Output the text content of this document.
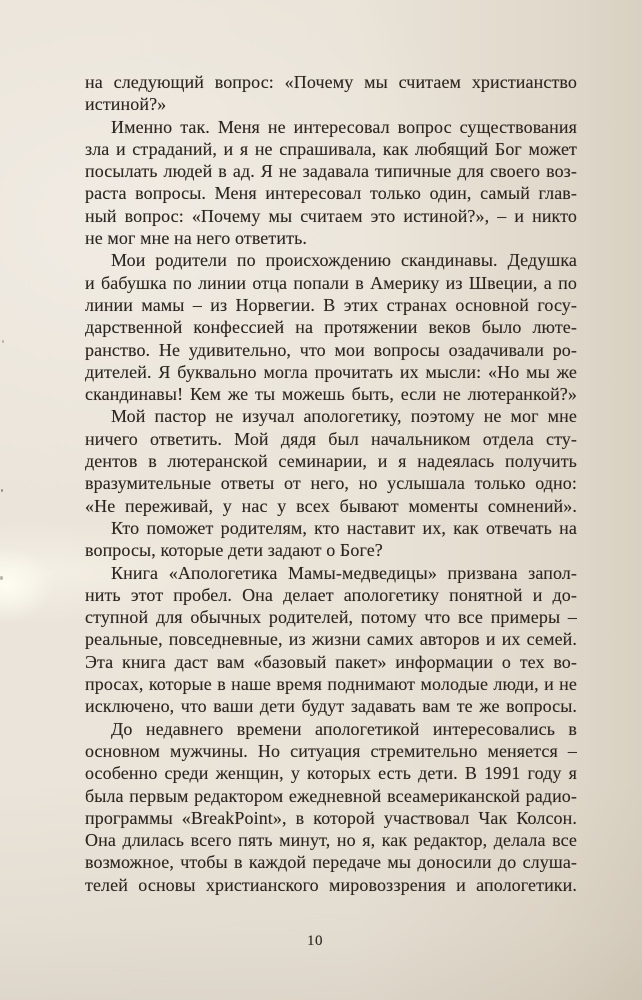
на следующий вопрос: «Почему мы считаем христианство
истиной?»
Именно так. Меня не интересовал вопрос существования
зла и страданий, и я не спрашивала, как любящий Бог может
посылать людей в ад. Я не задавала типичные для своего воз-
раста вопросы. Меня интересовал только один, самый глав-
ный вопрос: «Почему мы считаем это истиной?», – и никто
не мог мне на него ответить.
Мои родители по происхождению скандинавы. Дедушка
и бабушка по линии отца попали в Америку из Швеции, а по
линии мамы – из Норвегии. В этих странах основной госу-
дарственной конфессией на протяжении веков было люте-
ранство. Не удивительно, что мои вопросы озадачивали ро-
дителей. Я буквально могла прочитать их мысли: «Но мы же
скандинавы! Кем же ты можешь быть, если не лютеранкой?»
Мой пастор не изучал апологетику, поэтому не мог мне
ничего ответить. Мой дядя был начальником отдела сту-
дентов в лютеранской семинарии, и я надеялась получить
вразумительные ответы от него, но услышала только одно:
«Не переживай, у нас у всех бывают моменты сомнений».
Кто поможет родителям, кто наставит их, как отвечать на
вопросы, которые дети задают о Боге?
Книга «Апологетика Мамы-медведицы» призвана запол-
нить этот пробел. Она делает апологетику понятной и до-
ступной для обычных родителей, потому что все примеры –
реальные, повседневные, из жизни самих авторов и их семей.
Эта книга даст вам «базовый пакет» информации о тех во-
просах, которые в наше время поднимают молодые люди, и не
исключено, что ваши дети будут задавать вам те же вопросы.
До недавнего времени апологетикой интересовались в
основном мужчины. Но ситуация стремительно меняется –
особенно среди женщин, у которых есть дети. В 1991 году я
была первым редактором ежедневной всеамериканской радио-
программы «BreakPoint», в которой участвовал Чак Колсон.
Она длилась всего пять минут, но я, как редактор, делала все
возможное, чтобы в каждой передаче мы доносили до слуша-
телей основы христианского мировоззрения и апологетики.
10
